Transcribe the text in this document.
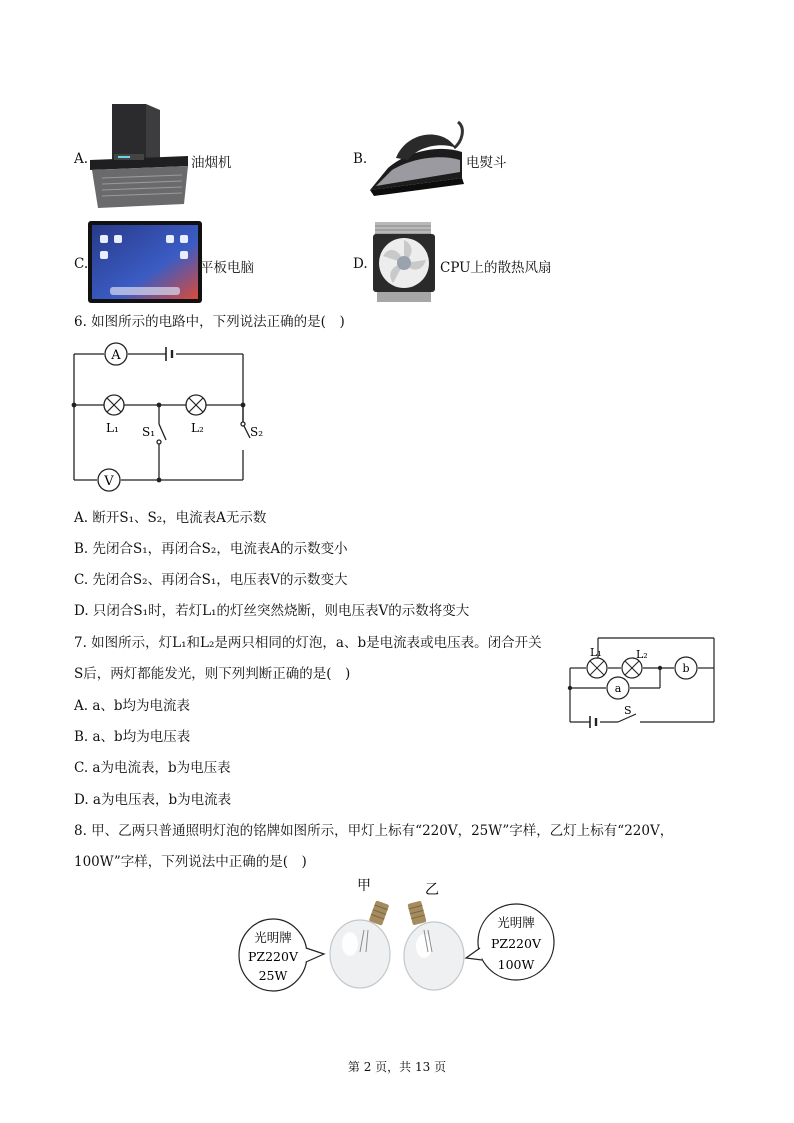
A.	油烟机	B.	电熨斗
C.	平板电脑	D.	CPU上的散热风扇
6. 如图所示的电路中，下列说法正确的是(　)
A
V
L₁	L₂
S₁	S₂
A. 断开S₁、S₂，电流表A无示数
B. 先闭合S₁，再闭合S₂，电流表A的示数变小
C. 先闭合S₂、再闭合S₁，电压表V的示数变大
D. 只闭合S₁时，若灯L₁的灯丝突然烧断，则电压表V的示数将变大
7. 如图所示，灯L₁和L₂是两只相同的灯泡，a、b是电流表或电压表。闭合开关
S后，两灯都能发光，则下列判断正确的是(　)
A. a、b均为电流表
B. a、b均为电压表
C. a为电流表，b为电压表
D. a为电压表，b为电流表
a
b
L₁	L₂
S
8. 甲、乙两只普通照明灯泡的铭牌如图所示，甲灯上标有“220V，25W”字样，乙灯上标有“220V，
100W”字样，下列说法中正确的是(　)
甲	乙
光明牌
PZ220V
25W
光明牌
PZ220V
100W
第 2 页，共 13 页
